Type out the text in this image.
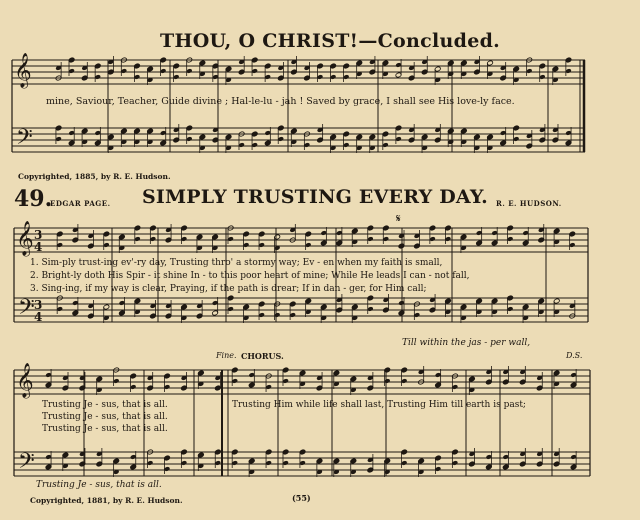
𝄞
𝄢
𝄞 3
4
𝄢 3
4
𝄋
𝄞
𝄢
THOU, O CHRIST!—Concluded.
mine, Saviour, Teacher, Guide divine ; Hal-le-lu - jah ! Saved by grace, I shall see His love-ly face.
Copyrighted, 1885, by R. E. Hudson.
49.
EDGAR PAGE. SIMPLY TRUSTING EVERY DAY. R. E. HUDSON.
1. Sim-ply trust-ing ev'-ry day, Trusting thro' a stormy way; Ev - en when my faith is small,
2. Bright-ly doth His Spir - it shine In - to this poor heart of mine; While He leads I can - not fall,
3. Sing-ing, if my way is clear, Praying, if the path is drear; If in dan - ger, for Him call;
Till within the jas - per wall,
Fine. CHORUS.	D.S.
Trusting Je - sus, that is all.
Trusting Je - sus, that is all.
Trusting Je - sus, that is all.
Trusting Him while life shall last, Trusting Him till earth is past;
Trusting Je - sus, that is all.
Copyrighted, 1881, by R. E. Hudson.	(55)
